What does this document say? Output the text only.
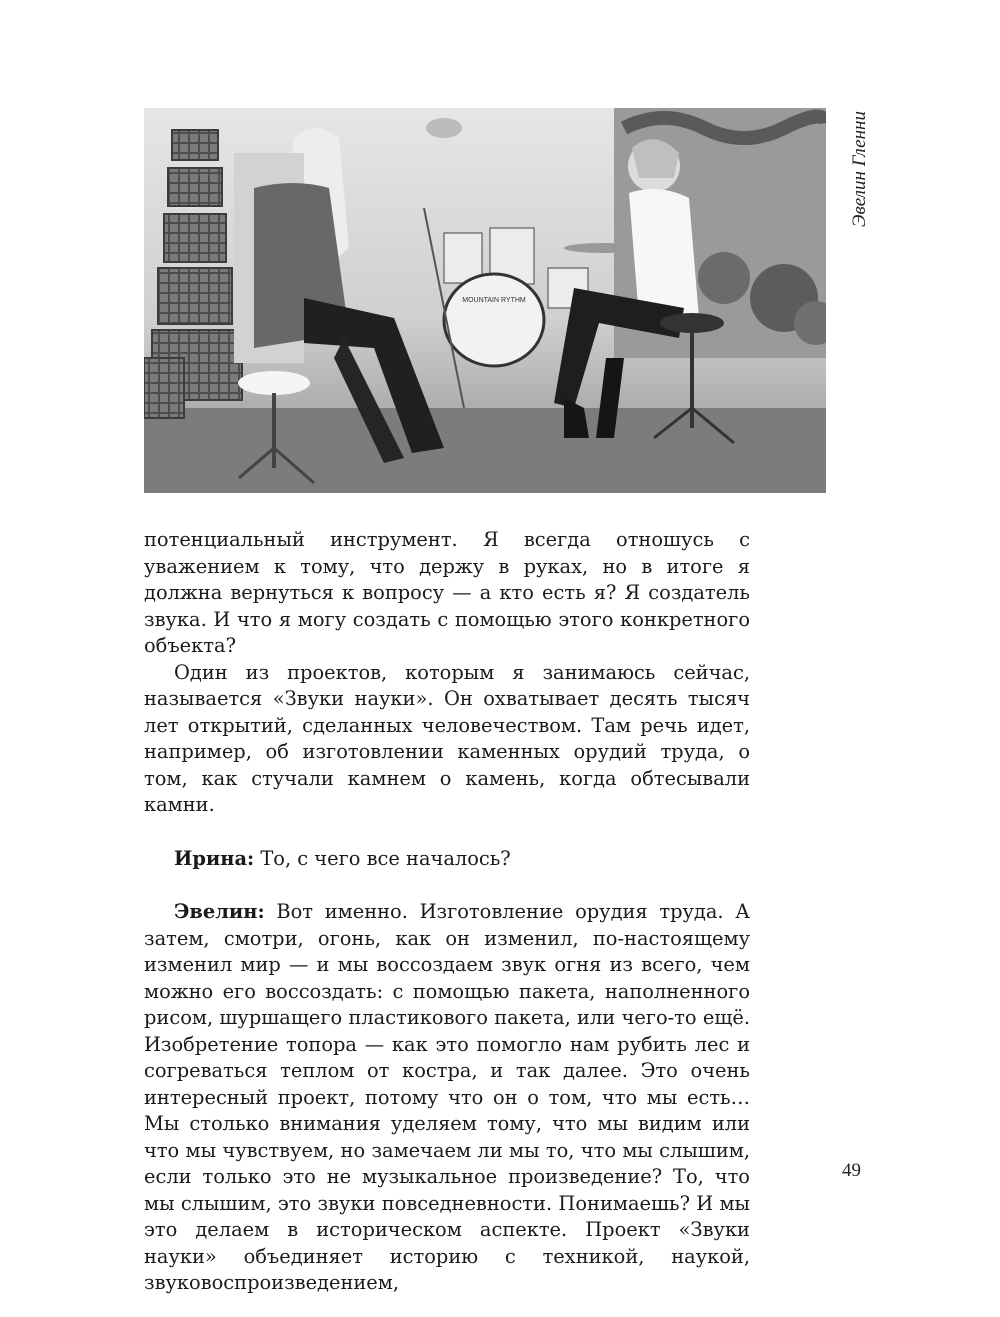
MOUNTAIN RYTHM
Эвелин Гленни

потенциальный инструмент. Я всегда отношусь с уважением к тому, что держу в руках, но в итоге я должна вернуться к вопросу — а кто есть я? Я создатель звука. И что я могу создать с помощью этого конкретного объекта?

Один из проектов, которым я занимаюсь сейчас, называется «Звуки науки». Он охватывает десять тысяч лет открытий, сделанных человечеством. Там речь идет, например, об изготовлении каменных орудий труда, о том, как стучали камнем о камень, когда обтесывали камни.

Ирина: То, с чего все началось?

Эвелин: Вот именно. Изготовление орудия труда. А затем, смотри, огонь, как он изменил, по-настоящему изменил мир — и мы воссоздаем звук огня из всего, чем можно его воссоздать: с помощью пакета, наполненного рисом, шуршащего пластикового пакета, или чего-то ещё. Изобретение топора — как это помогло нам рубить лес и согреваться теплом от костра, и так далее. Это очень интересный проект, потому что он о том, что мы есть… Мы столько внимания уделяем тому, что мы видим или что мы чувствуем, но замечаем ли мы то, что мы слышим, если только это не музыкальное произведение? То, что мы слышим, это звуки повседневности. Понимаешь? И мы это делаем в историческом аспекте. Проект «Звуки науки» объединяет историю с техникой, наукой, звуковоспроизведением,

49
